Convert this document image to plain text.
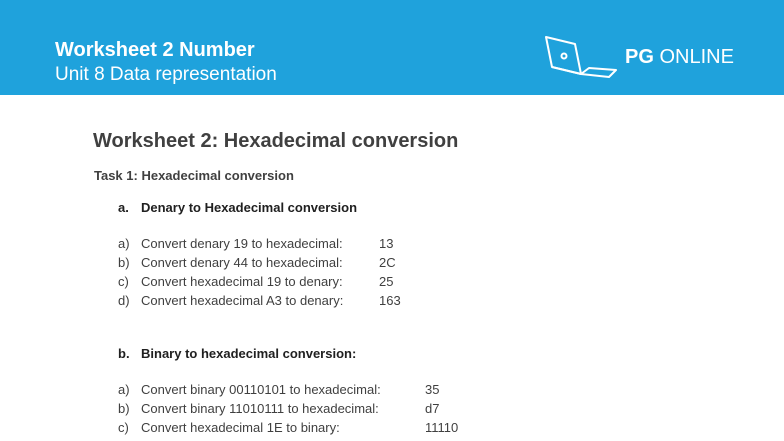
Worksheet 2 Number
Unit 8 Data representation
PG ONLINE
Worksheet 2: Hexadecimal conversion
Task 1: Hexadecimal conversion
a. Denary to Hexadecimal conversion
a) Convert denary 19 to hexadecimal:	13
b) Convert denary 44 to hexadecimal:	2C
c) Convert hexadecimal 19 to denary:	25
d) Convert hexadecimal A3 to denary:	163
b. Binary to hexadecimal conversion:
a) Convert binary 00110101 to hexadecimal:	35
b) Convert binary 11010111 to hexadecimal:	d7
c) Convert hexadecimal 1E to binary:	11110
